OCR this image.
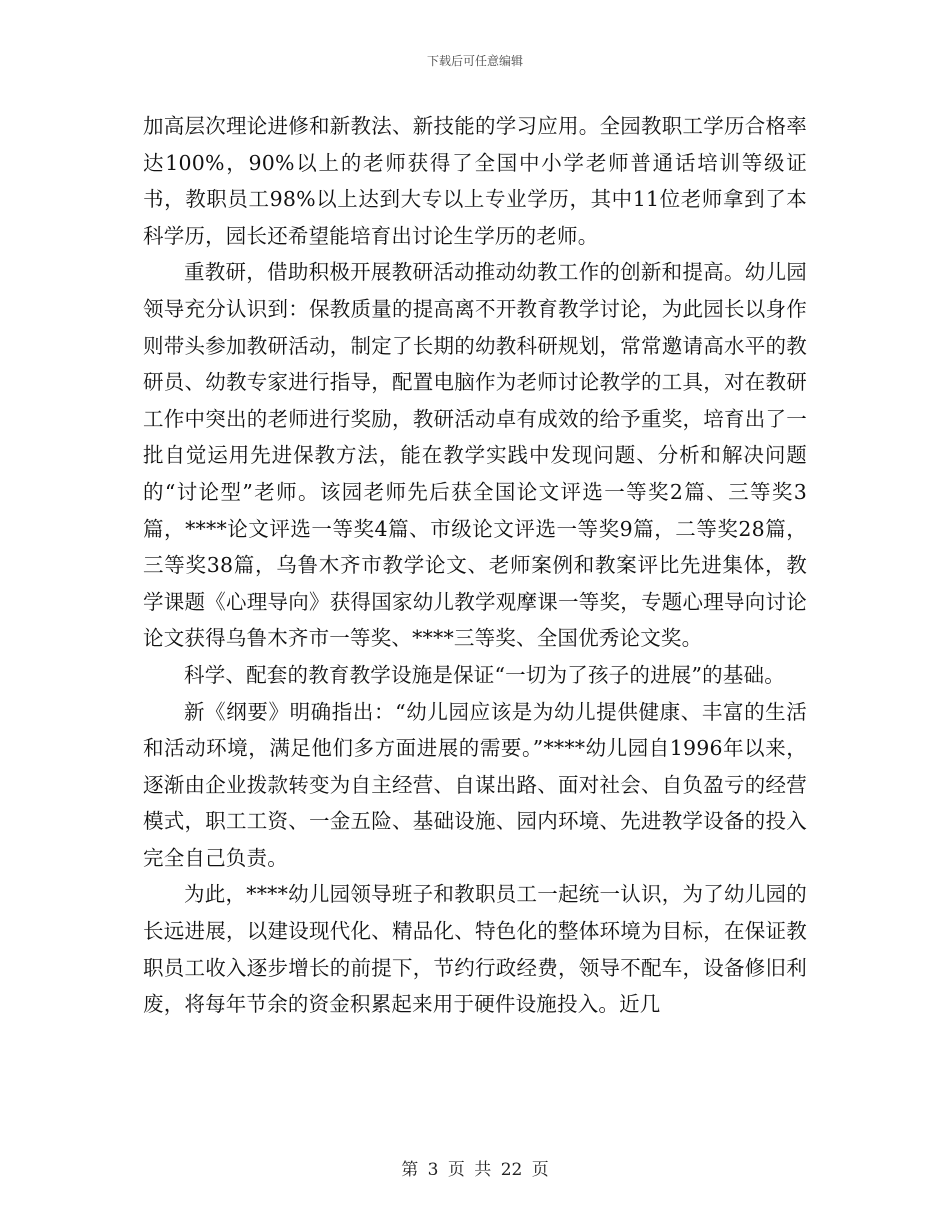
下载后可任意编辑

加高层次理论进修和新教法、新技能的学习应用。全园教职工学历合格率达100%，90%以上的老师获得了全国中小学老师普通话培训等级证书，教职员工98%以上达到大专以上专业学历，其中11位老师拿到了本科学历，园长还希望能培育出讨论生学历的老师。

重教研，借助积极开展教研活动推动幼教工作的创新和提高。幼儿园领导充分认识到：保教质量的提高离不开教育教学讨论，为此园长以身作则带头参加教研活动，制定了长期的幼教科研规划，常常邀请高水平的教研员、幼教专家进行指导，配置电脑作为老师讨论教学的工具，对在教研工作中突出的老师进行奖励，教研活动卓有成效的给予重奖，培育出了一批自觉运用先进保教方法，能在教学实践中发现问题、分析和解决问题的“讨论型”老师。该园老师先后获全国论文评选一等奖2篇、三等奖3篇，****论文评选一等奖4篇、市级论文评选一等奖9篇，二等奖28篇，三等奖38篇，乌鲁木齐市教学论文、老师案例和教案评比先进集体，教学课题《心理导向》获得国家幼儿教学观摩课一等奖，专题心理导向讨论论文获得乌鲁木齐市一等奖、****三等奖、全国优秀论文奖。

科学、配套的教育教学设施是保证“一切为了孩子的进展”的基础。

新《纲要》明确指出：“幼儿园应该是为幼儿提供健康、丰富的生活和活动环境，满足他们多方面进展的需要。”****幼儿园自1996年以来，逐渐由企业拨款转变为自主经营、自谋出路、面对社会、自负盈亏的经营模式，职工工资、一金五险、基础设施、园内环境、先进教学设备的投入完全自己负责。

为此，****幼儿园领导班子和教职员工一起统一认识，为了幼儿园的长远进展，以建设现代化、精品化、特色化的整体环境为目标，在保证教职员工收入逐步增长的前提下，节约行政经费，领导不配车，设备修旧利废，将每年节余的资金积累起来用于硬件设施投入。近几

第 3 页 共 22 页
